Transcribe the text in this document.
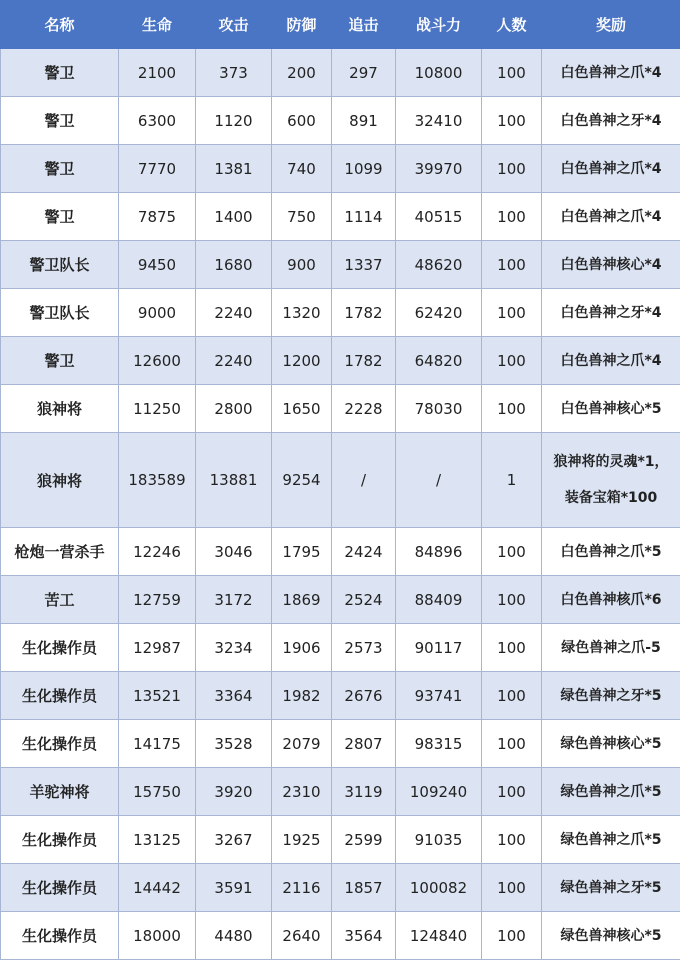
名称	生命	攻击	防御	追击	战斗力	人数	奖励
警卫	2100	373	200	297	10800	100	白色兽神之爪*4

警卫	6300	1120	600	891	32410	100	白色兽神之牙*4

警卫	7770	1381	740	1099	39970	100	白色兽神之爪*4

警卫	7875	1400	750	1114	40515	100	白色兽神之爪*4

警卫队长	9450	1680	900	1337	48620	100	白色兽神核心*4

警卫队长	9000	2240	1320	1782	62420	100	白色兽神之牙*4

警卫	12600	2240	1200	1782	64820	100	白色兽神之爪*4

狼神将	11250	2800	1650	2228	78030	100	白色兽神核心*5

狼神将	183589	13881	9254	/	/	1	狼神将的灵魂*1，
装备宝箱*100

枪炮一营杀手	12246	3046	1795	2424	84896	100	白色兽神之爪*5

苦工	12759	3172	1869	2524	88409	100	白色兽神核爪*6

生化操作员	12987	3234	1906	2573	90117	100	绿色兽神之爪-5

生化操作员	13521	3364	1982	2676	93741	100	绿色兽神之牙*5

生化操作员	14175	3528	2079	2807	98315	100	绿色兽神核心*5

羊驼神将	15750	3920	2310	3119	109240	100	绿色兽神之爪*5

生化操作员	13125	3267	1925	2599	91035	100	绿色兽神之爪*5

生化操作员	14442	3591	2116	1857	100082	100	绿色兽神之牙*5

生化操作员	18000	4480	2640	3564	124840	100	绿色兽神核心*5
